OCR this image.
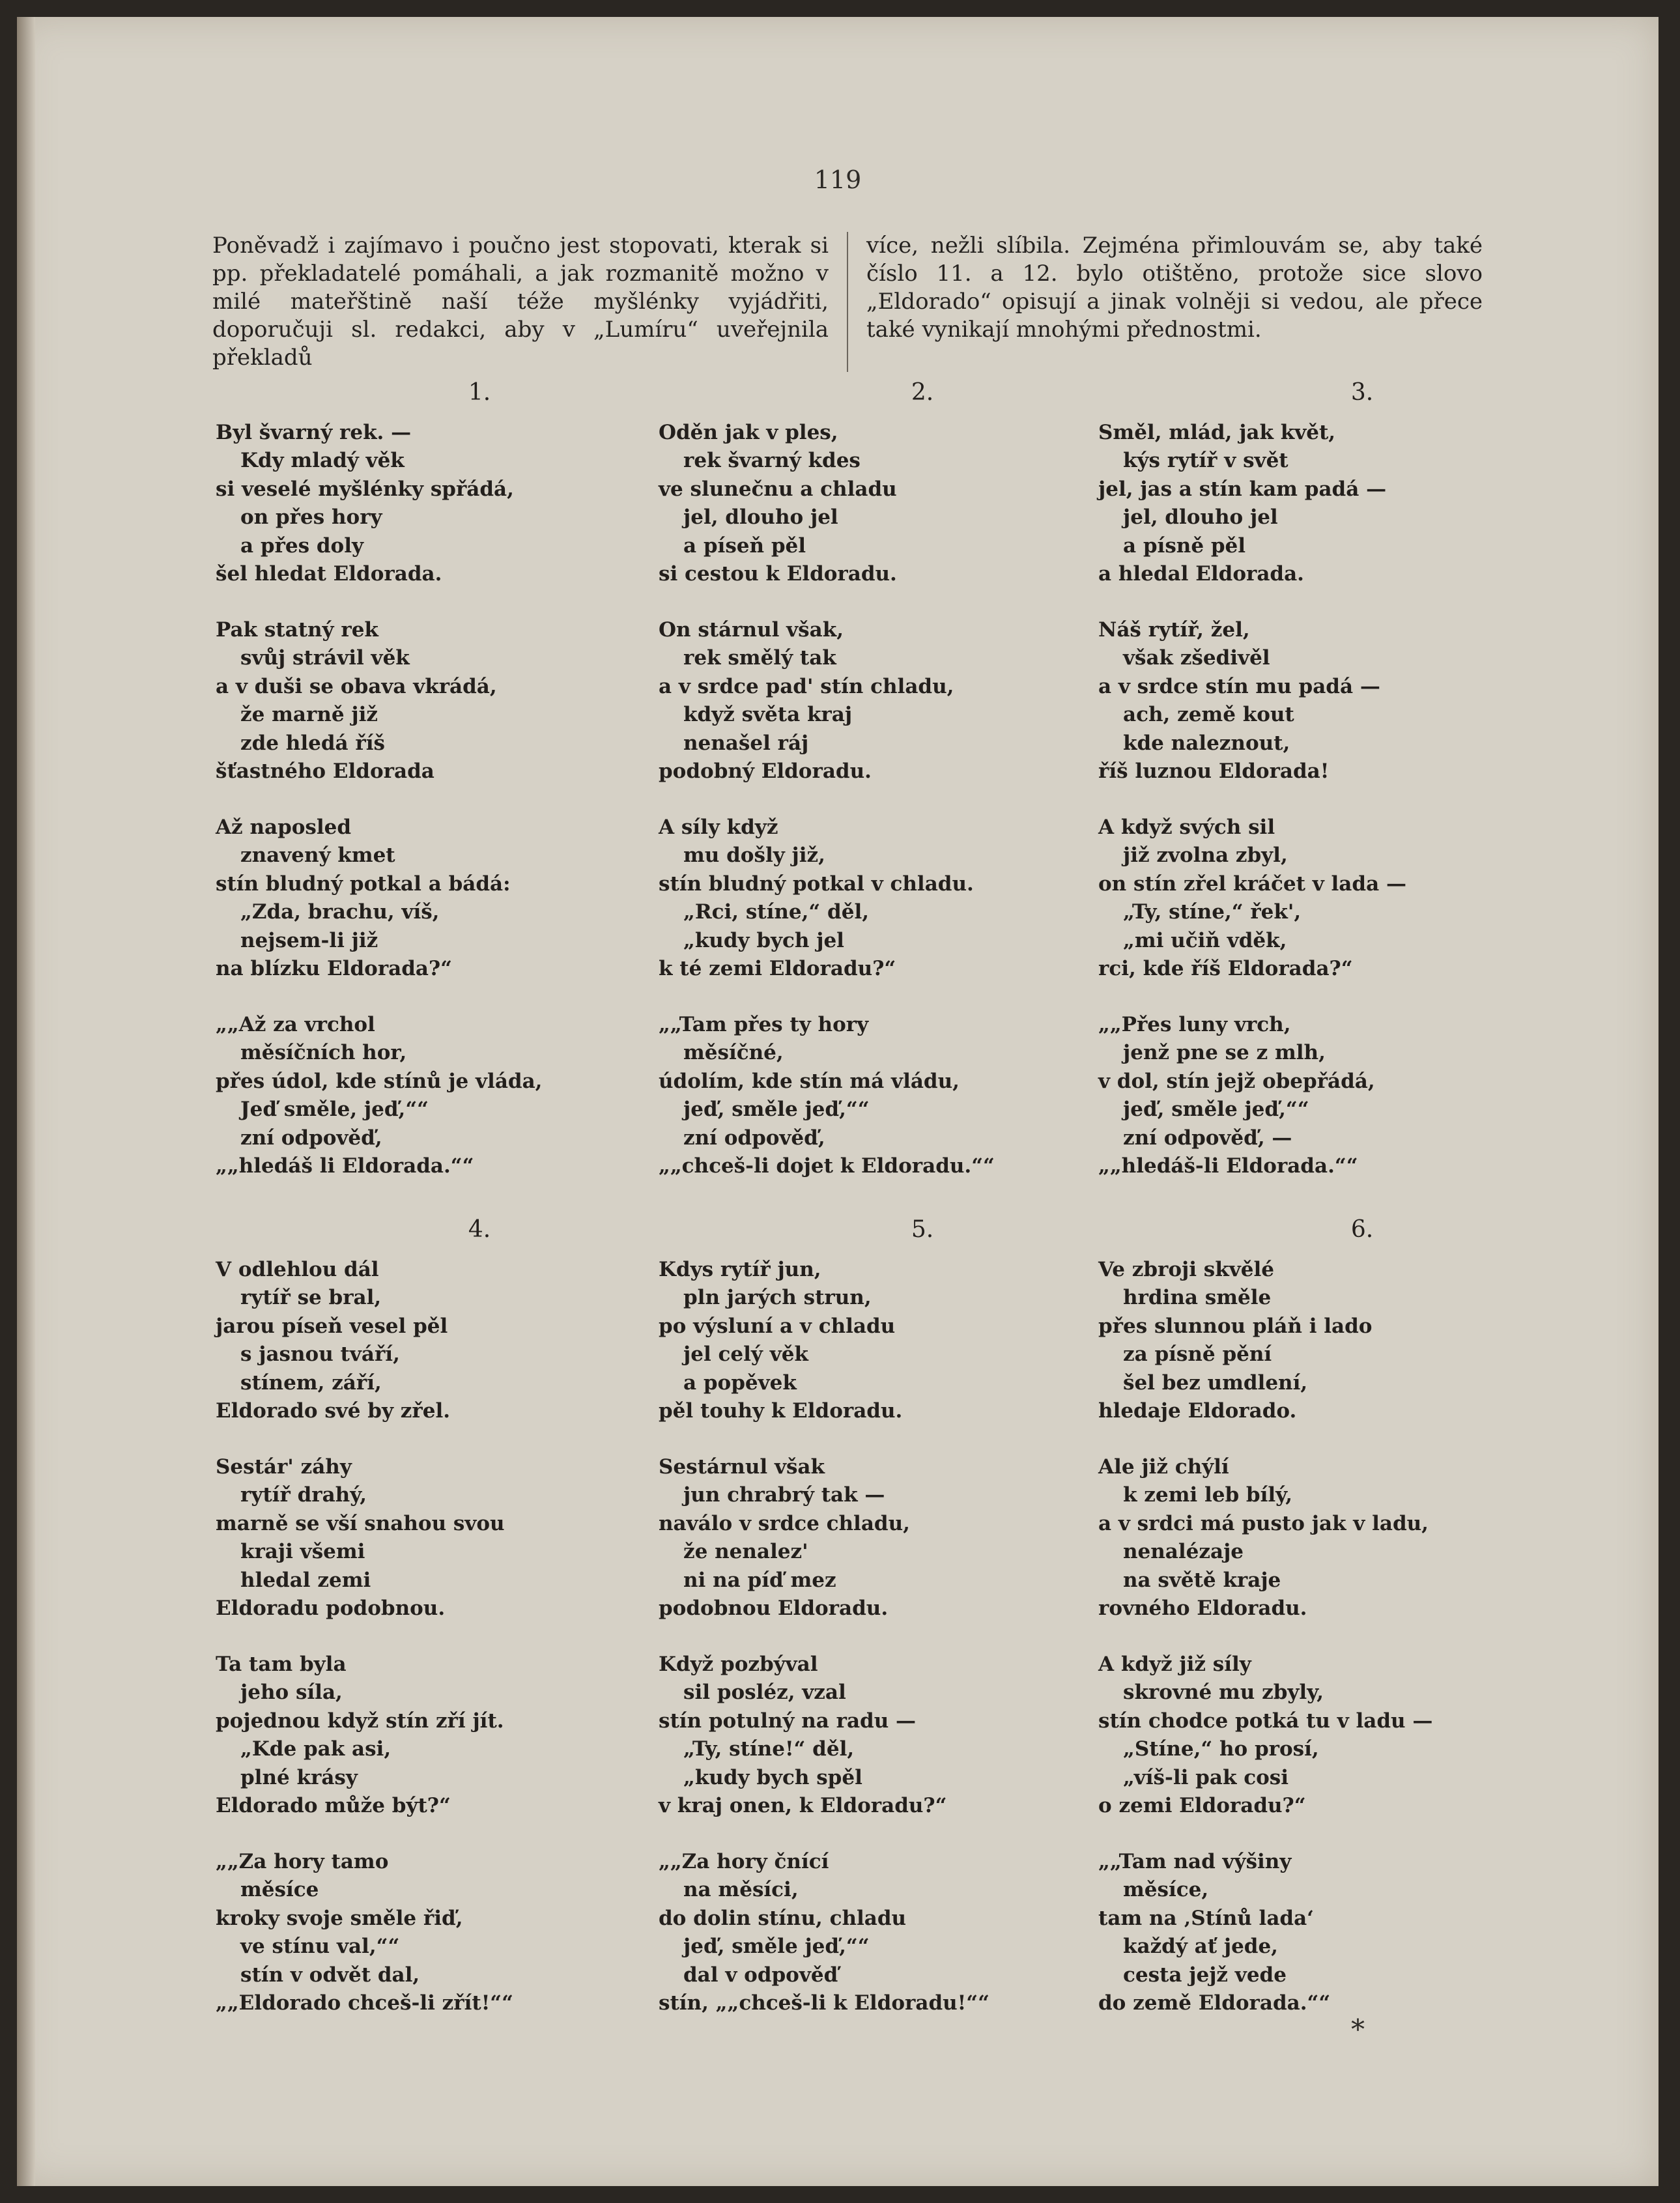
119
Poněvadž i zajímavo i poučno jest stopovati, kterak si pp. překladatelé pomáhali, a jak rozmanitě možno v milé mateřštině naší téže myšlénky vyjádřiti, doporučuji sl. redakci, aby v „Lumíru“ uveřejnila překladů
více, nežli slíbila. Zejména přimlouvám se, aby také číslo 11. a 12. bylo otištěno, protože sice slovo „Eldorado“ opisují a jinak volněji si vedou, ale přece také vynikají mnohými přednostmi.
1.
Byl švarný rek. —
Kdy mladý věk
si veselé myšlénky spřádá,
on přes hory
a přes doly
šel hledat Eldorada.
Pak statný rek
svůj strávil věk
a v duši se obava vkrádá,
že marně již
zde hledá říš
šťastného Eldorada
Až naposled
znavený kmet
stín bludný potkal a bádá:
„Zda, brachu, víš,
nejsem-li již
na blízku Eldorada?“
„„Až za vrchol
měsíčních hor,
přes údol, kde stínů je vláda,
Jeď směle, jeď,““
zní odpověď,
„„hledáš li Eldorada.““
2.
Oděn jak v ples,
rek švarný kdes
ve slunečnu a chladu
jel, dlouho jel
a píseň pěl
si cestou k Eldoradu.
On stárnul však,
rek smělý tak
a v srdce pad' stín chladu,
když světa kraj
nenašel ráj
podobný Eldoradu.
A síly když
mu došly již,
stín bludný potkal v chladu.
„Rci, stíne,“ děl,
„kudy bych jel
k té zemi Eldoradu?“
„„Tam přes ty hory
měsíčné,
údolím, kde stín má vládu,
jeď, směle jeď,““
zní odpověď,
„„chceš-li dojet k Eldoradu.““
3.
Směl, mlád, jak květ,
kýs rytíř v svět
jel, jas a stín kam padá —
jel, dlouho jel
a písně pěl
a hledal Eldorada.
Náš rytíř, žel,
však zšedivěl
a v srdce stín mu padá —
ach, země kout
kde naleznout,
říš luznou Eldorada!
A když svých sil
již zvolna zbyl,
on stín zřel kráčet v lada —
„Ty, stíne,“ řek',
„mi učiň vděk,
rci, kde říš Eldorada?“
„„Přes luny vrch,
jenž pne se z mlh,
v dol, stín jejž obepřádá,
jeď, směle jeď,““
zní odpověď, —
„„hledáš-li Eldorada.““
4.
V odlehlou dál
rytíř se bral,
jarou píseň vesel pěl
s jasnou tváří,
stínem, září,
Eldorado své by zřel.
Sestár' záhy
rytíř drahý,
marně se vší snahou svou
kraji všemi
hledal zemi
Eldoradu podobnou.
Ta tam byla
jeho síla,
pojednou když stín zří jít.
„Kde pak asi,
plné krásy
Eldorado může být?“
„„Za hory tamo
měsíce
kroky svoje směle řiď,
ve stínu val,““
stín v odvět dal,
„„Eldorado chceš-li zřít!““
5.
Kdys rytíř jun,
pln jarých strun,
po výsluní a v chladu
jel celý věk
a popěvek
pěl touhy k Eldoradu.
Sestárnul však
jun chrabrý tak —
naválo v srdce chladu,
že nenalez'
ni na píď mez
podobnou Eldoradu.
Když pozbýval
sil posléz, vzal
stín potulný na radu —
„Ty, stíne!“ děl,
„kudy bych spěl
v kraj onen, k Eldoradu?“
„„Za hory čnící
na měsíci,
do dolin stínu, chladu
jeď, směle jeď,““
dal v odpověď
stín, „„chceš-li k Eldoradu!““
6.
Ve zbroji skvělé
hrdina směle
přes slunnou pláň i lado
za písně pění
šel bez umdlení,
hledaje Eldorado.
Ale již chýlí
k zemi leb bílý,
a v srdci má pusto jak v ladu,
nenalézaje
na světě kraje
rovného Eldoradu.
A když již síly
skrovné mu zbyly,
stín chodce potká tu v ladu —
„Stíne,“ ho prosí,
„víš-li pak cosi
o zemi Eldoradu?“
„„Tam nad výšiny
měsíce,
tam na ‚Stínů lada‘
každý ať jede,
cesta jejž vede
do země Eldorada.““
*
